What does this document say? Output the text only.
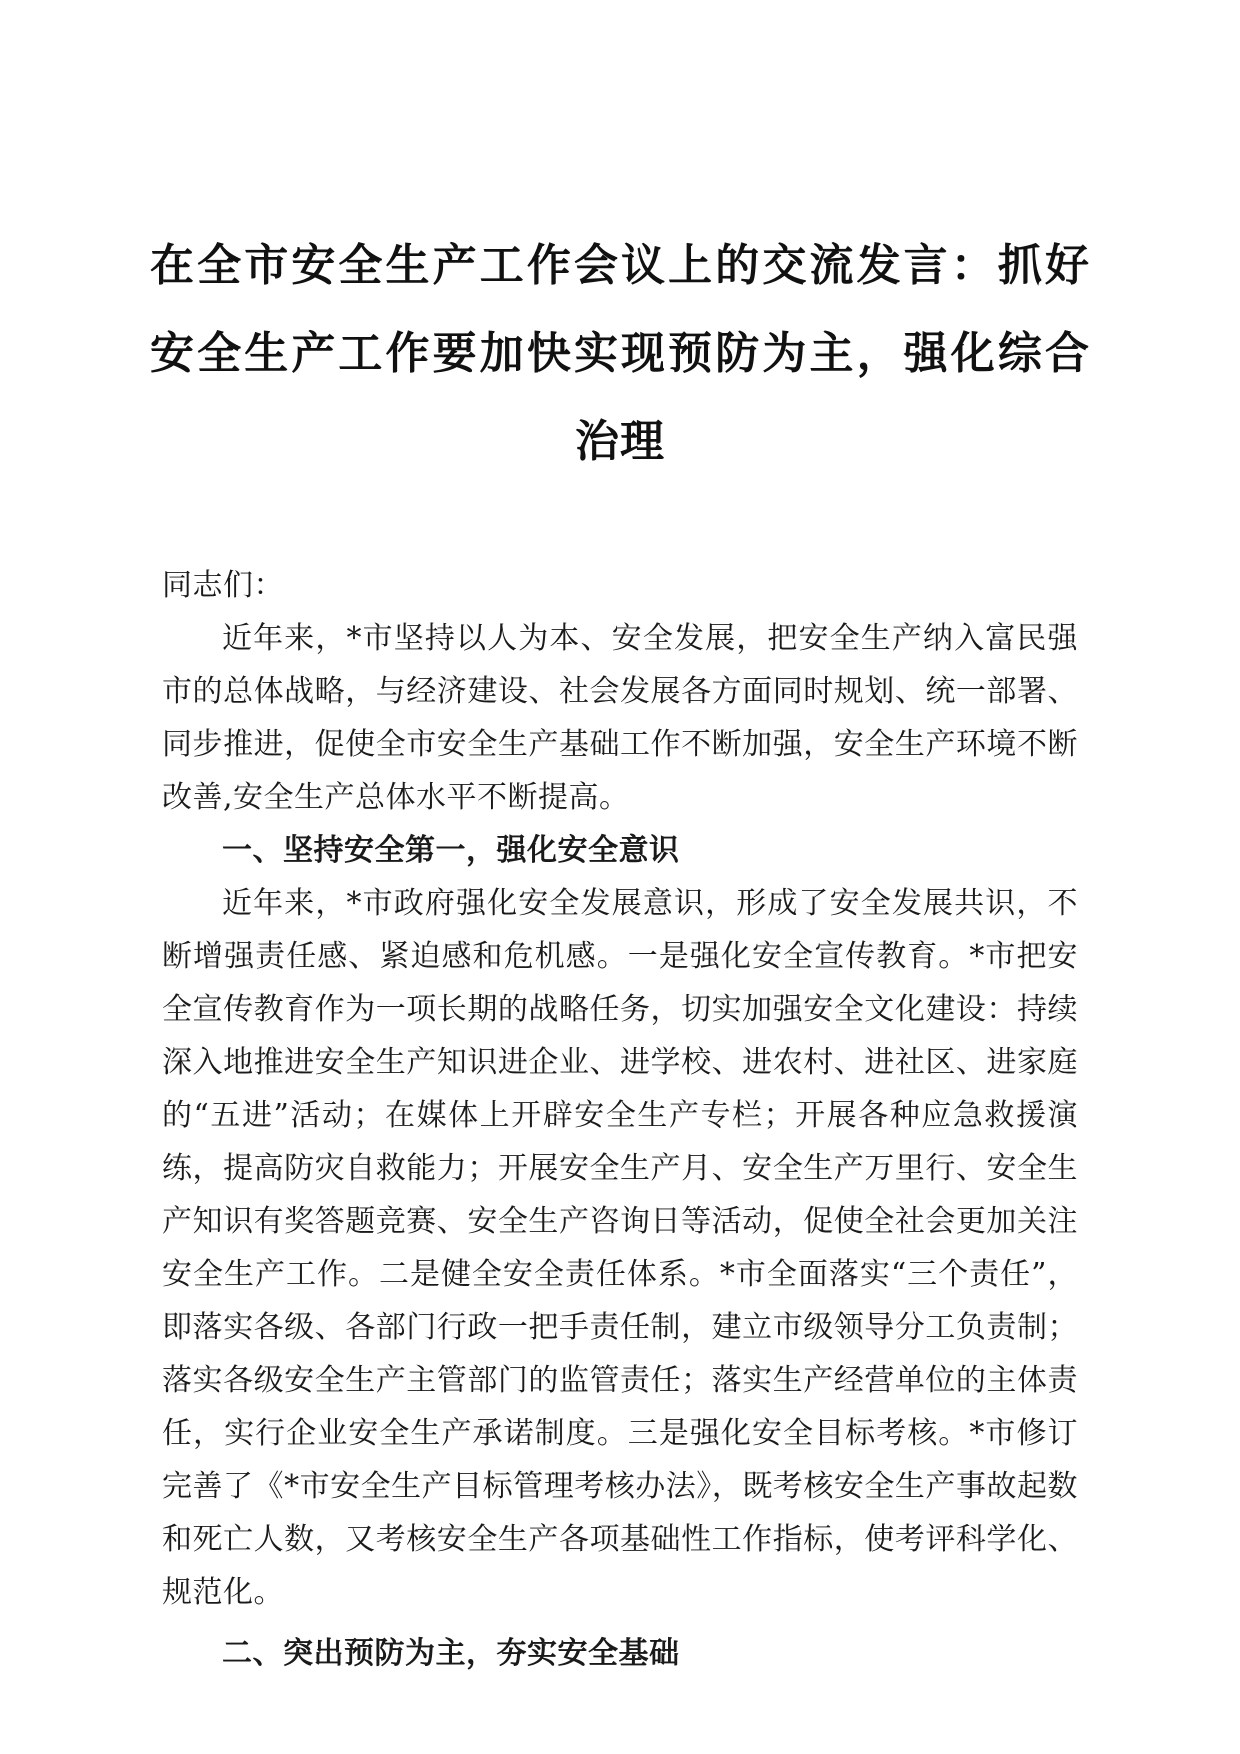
在全市安全生产工作会议上的交流发言：抓好安全生产工作要加快实现预防为主，强化综合治理
同志们：

近年来，*市坚持以人为本、安全发展，把安全生产纳入富民强市的总体战略，与经济建设、社会发展各方面同时规划、统一部署、同步推进，促使全市安全生产基础工作不断加强，安全生产环境不断改善,安全生产总体水平不断提高。

一、坚持安全第一，强化安全意识

近年来，*市政府强化安全发展意识，形成了安全发展共识，不断增强责任感、紧迫感和危机感。一是强化安全宣传教育。*市把安全宣传教育作为一项长期的战略任务，切实加强安全文化建设：持续深入地推进安全生产知识进企业、进学校、进农村、进社区、进家庭的“五进”活动；在媒体上开辟安全生产专栏；开展各种应急救援演练，提高防灾自救能力；开展安全生产月、安全生产万里行、安全生产知识有奖答题竞赛、安全生产咨询日等活动，促使全社会更加关注安全生产工作。二是健全安全责任体系。*市全面落实“三个责任”，即落实各级、各部门行政一把手责任制，建立市级领导分工负责制；落实各级安全生产主管部门的监管责任；落实生产经营单位的主体责任，实行企业安全生产承诺制度。三是强化安全目标考核。*市修订完善了《*市安全生产目标管理考核办法》，既考核安全生产事故起数和死亡人数，又考核安全生产各项基础性工作指标，使考评科学化、规范化。

二、突出预防为主，夯实安全基础
